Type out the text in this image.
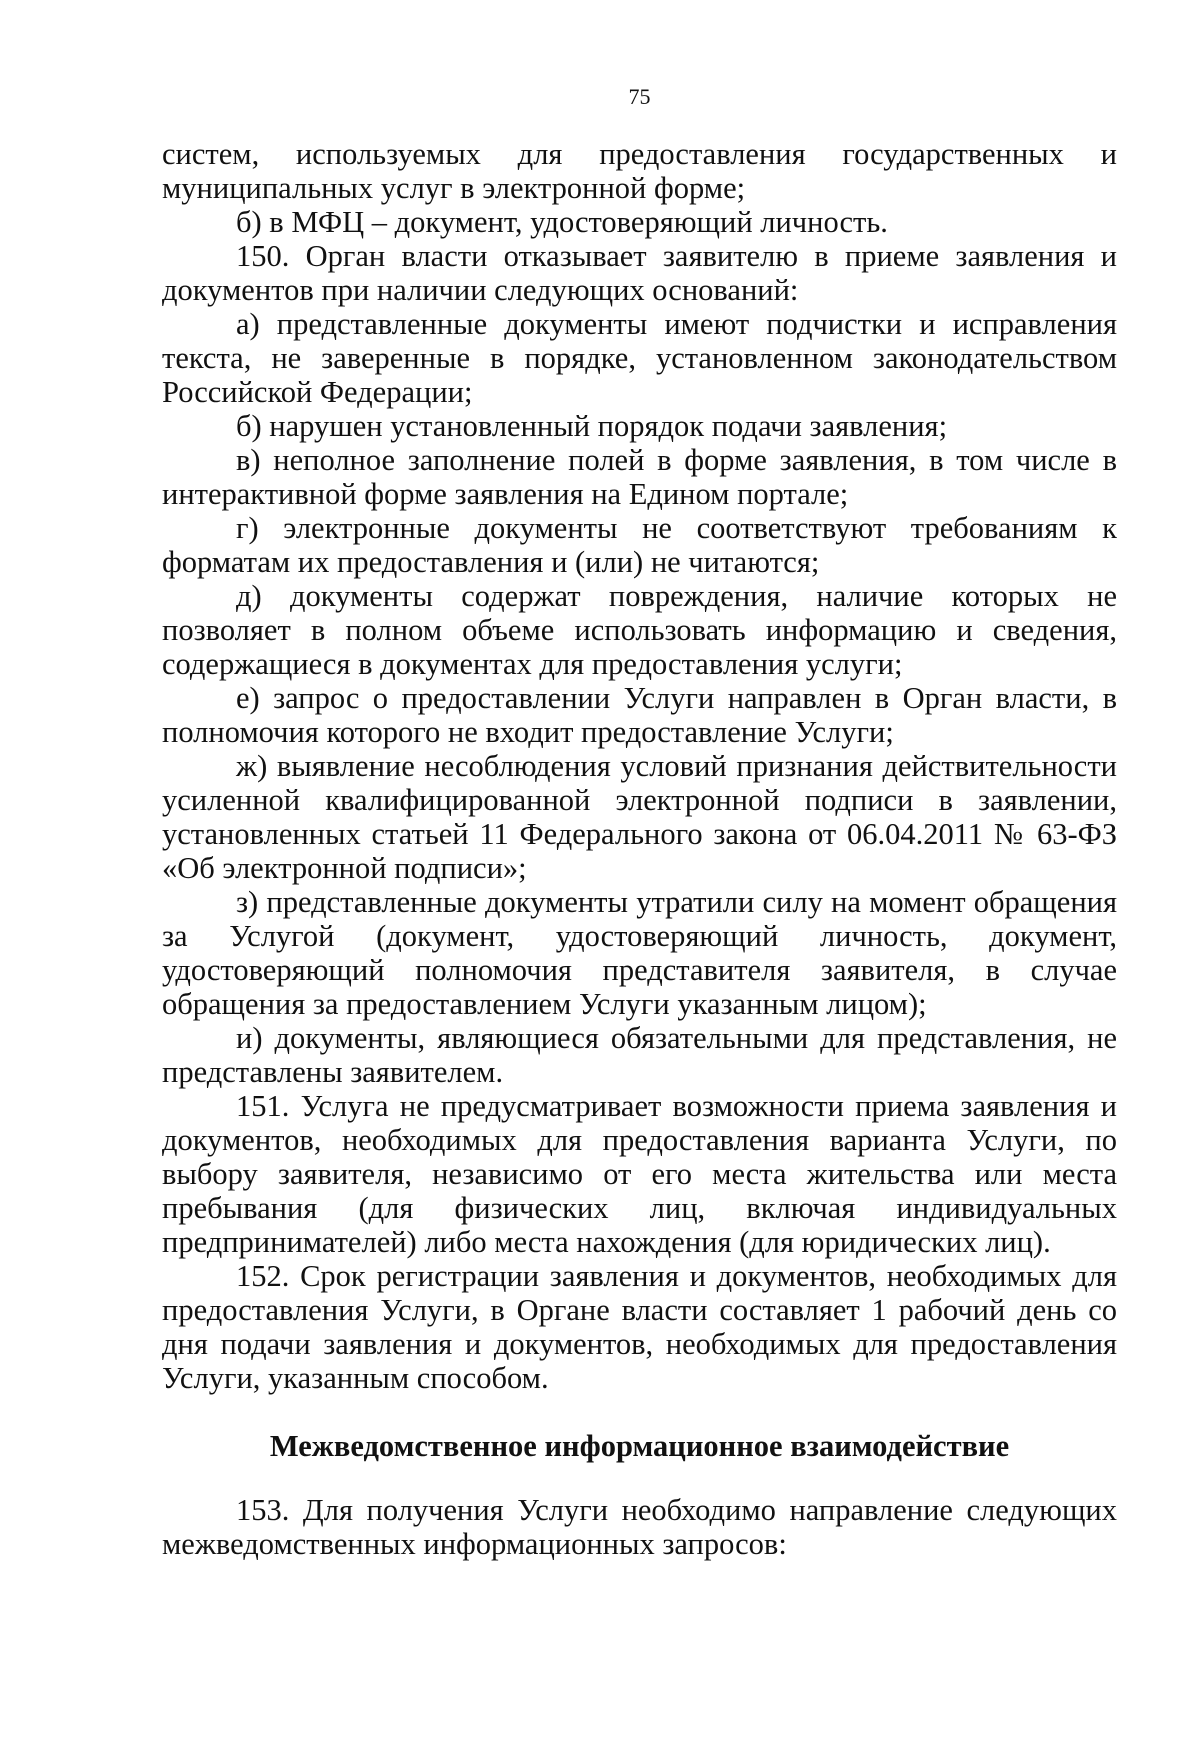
75

систем, используемых для предоставления государственных и муниципальных услуг в электронной форме;

б) в МФЦ – документ, удостоверяющий личность.

150. Орган власти отказывает заявителю в приеме заявления и документов при наличии следующих оснований:

а) представленные документы имеют подчистки и исправления текста, не заверенные в порядке, установленном законодательством Российской Федерации;

б) нарушен установленный порядок подачи заявления;

в) неполное заполнение полей в форме заявления, в том числе в интерактивной форме заявления на Едином портале;

г) электронные документы не соответствуют требованиям к форматам их предоставления и (или) не читаются;

д) документы содержат повреждения, наличие которых не позволяет в полном объеме использовать информацию и сведения, содержащиеся в документах для предоставления услуги;

е) запрос о предоставлении Услуги направлен в Орган власти, в полномочия которого не входит предоставление Услуги;

ж) выявление несоблюдения условий признания действительности усиленной квалифицированной электронной подписи в заявлении, установленных статьей 11 Федерального закона от 06.04.2011 № 63-ФЗ «Об электронной подписи»;

з) представленные документы утратили силу на момент обращения за Услугой (документ, удостоверяющий личность, документ, удостоверяющий полномочия представителя заявителя, в случае обращения за предоставлением Услуги указанным лицом);

и) документы, являющиеся обязательными для представления, не представлены заявителем.

151. Услуга не предусматривает возможности приема заявления и документов, необходимых для предоставления варианта Услуги, по выбору заявителя, независимо от его места жительства или места пребывания (для физических лиц, включая индивидуальных предпринимателей) либо места нахождения (для юридических лиц).

152. Срок регистрации заявления и документов, необходимых для предоставления Услуги, в Органе власти составляет 1 рабочий день со дня подачи заявления и документов, необходимых для предоставления Услуги, указанным способом.

Межведомственное информационное взаимодействие

153. Для получения Услуги необходимо направление следующих межведомственных информационных запросов:
